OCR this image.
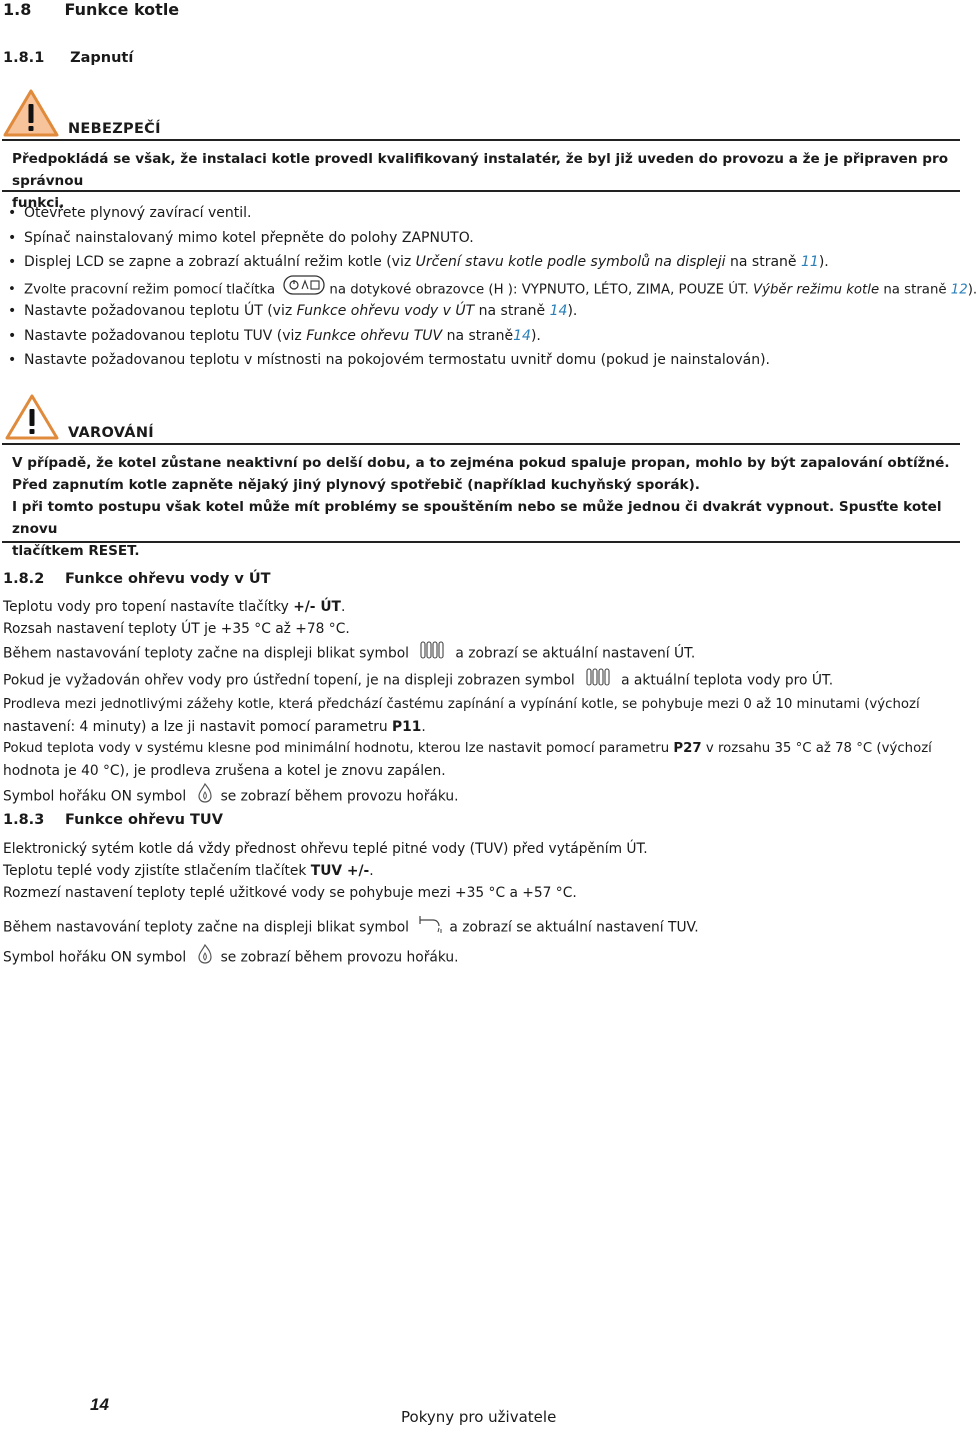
1.8 Funkce kotle
1.8.1 Zapnutí
NEBEZPEČÍ
Předpokládá se však, že instalaci kotle provedl kvalifikovaný instalatér, že byl již uveden do provozu a že je připraven pro správnou
funkci.
• Otevřete plynový zavírací ventil.
• Spínač nainstalovaný mimo kotel přepněte do polohy ZAPNUTO.
• Displej LCD se zapne a zobrazí aktuální režim kotle (viz Určení stavu kotle podle symbolů na displeji na straně 11).
• Zvolte pracovní režim pomocí tlačítka	na dotykové obrazovce (H ): VYPNUTO, LÉTO, ZIMA, POUZE ÚT. Výběr režimu kotle na straně 12).
• Nastavte požadovanou teplotu ÚT (viz Funkce ohřevu vody v ÚT na straně 14).
• Nastavte požadovanou teplotu TUV (viz Funkce ohřevu TUV na straně14).
• Nastavte požadovanou teplotu v místnosti na pokojovém termostatu uvnitř domu (pokud je nainstalován).
VAROVÁNÍ
V případě, že kotel zůstane neaktivní po delší dobu, a to zejména pokud spaluje propan, mohlo by být zapalování obtížné.
Před zapnutím kotle zapněte nějaký jiný plynový spotřebič (například kuchyňský sporák).
I při tomto postupu však kotel může mít problémy se spouštěním nebo se může jednou či dvakrát vypnout. Spusťte kotel znovu
tlačítkem RESET.
1.8.2 Funkce ohřevu vody v ÚT
Teplotu vody pro topení nastavíte tlačítky +/- ÚT.
Rozsah nastavení teploty ÚT je +35 °C až +78 °C.
Během nastavování teploty začne na displeji blikat symbol	a zobrazí se aktuální nastavení ÚT.
Pokud je vyžadován ohřev vody pro ústřední topení, je na displeji zobrazen symbol	a aktuální teplota vody pro ÚT.
Prodleva mezi jednotlivými zážehy kotle, která předchází častému zapínání a vypínání kotle, se pohybuje mezi 0 až 10 minutami (výchozí
nastavení: 4 minuty) a lze ji nastavit pomocí parametru P11.
Pokud teplota vody v systému klesne pod minimální hodnotu, kterou lze nastavit pomocí parametru P27 v rozsahu 35 °C až 78 °C (výchozí
hodnota je 40 °C), je prodleva zrušena a kotel je znovu zapálen.
Symbol hořáku ON symbol se zobrazí během provozu hořáku.
1.8.3 Funkce ohřevu TUV
Elektronický sytém kotle dá vždy přednost ohřevu teplé pitné vody (TUV) před vytápěním ÚT.
Teplotu teplé vody zjistíte stlačením tlačítek TUV +/-.
Rozmezí nastavení teploty teplé užitkové vody se pohybuje mezi +35 °C a +57 °C.
Během nastavování teploty začne na displeji blikat symbol	a zobrazí se aktuální nastavení TUV.
Symbol hořáku ON symbol se zobrazí během provozu hořáku.
14
Pokyny pro uživatele
